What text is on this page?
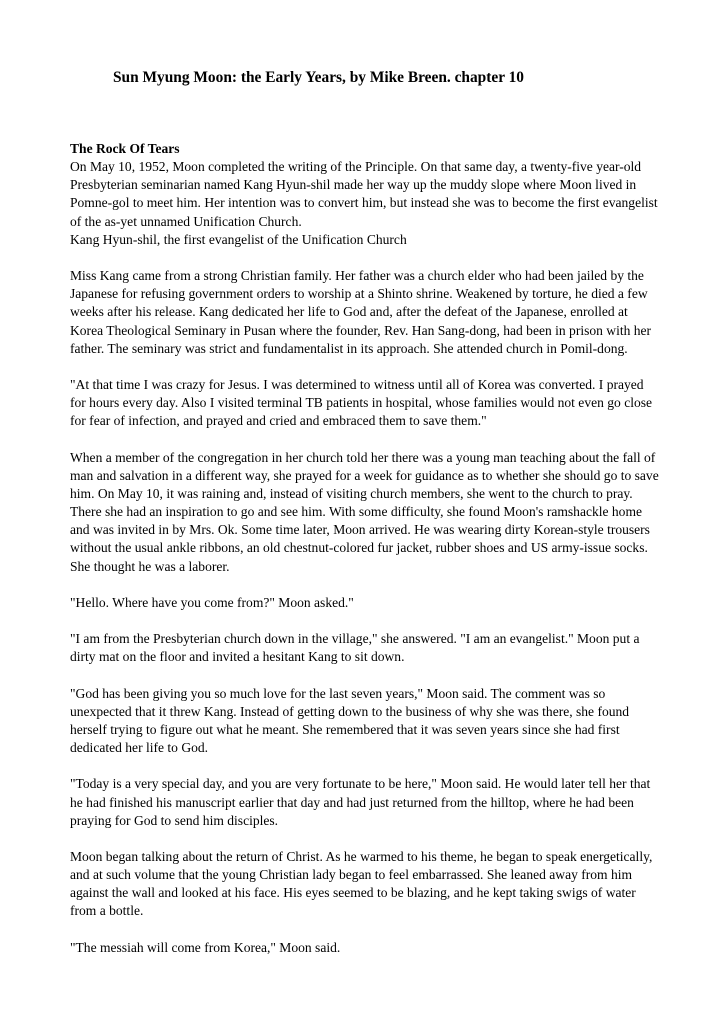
Sun Myung Moon: the Early Years, by Mike Breen. chapter 10
The Rock Of Tears

On May 10, 1952, Moon completed the writing of the Principle. On that same day, a twenty-five year-old Presbyterian seminarian named Kang Hyun-shil made her way up the muddy slope where Moon lived in Pomne-gol to meet him. Her intention was to convert him, but instead she was to become the first evangelist of the as-yet unnamed Unification Church.

Kang Hyun-shil, the first evangelist of the Unification Church

Miss Kang came from a strong Christian family. Her father was a church elder who had been jailed by the Japanese for refusing government orders to worship at a Shinto shrine. Weakened by torture, he died a few weeks after his release. Kang dedicated her life to God and, after the defeat of the Japanese, enrolled at Korea Theological Seminary in Pusan where the founder, Rev. Han Sang-dong, had been in prison with her father. The seminary was strict and fundamentalist in its approach. She attended church in Pomil-dong.

"At that time I was crazy for Jesus. I was determined to witness until all of Korea was converted. I prayed for hours every day. Also I visited terminal TB patients in hospital, whose families would not even go close for fear of infection, and prayed and cried and embraced them to save them."

When a member of the congregation in her church told her there was a young man teaching about the fall of man and salvation in a different way, she prayed for a week for guidance as to whether she should go to save him. On May 10, it was raining and, instead of visiting church members, she went to the church to pray. There she had an inspiration to go and see him. With some difficulty, she found Moon's ramshackle home and was invited in by Mrs. Ok. Some time later, Moon arrived. He was wearing dirty Korean-style trousers without the usual ankle ribbons, an old chestnut-colored fur jacket, rubber shoes and US army-issue socks. She thought he was a laborer.

"Hello. Where have you come from?" Moon asked."

"I am from the Presbyterian church down in the village," she answered. "I am an evangelist." Moon put a dirty mat on the floor and invited a hesitant Kang to sit down.

"God has been giving you so much love for the last seven years," Moon said. The comment was so unexpected that it threw Kang. Instead of getting down to the business of why she was there, she found herself trying to figure out what he meant. She remembered that it was seven years since she had first dedicated her life to God.

"Today is a very special day, and you are very fortunate to be here," Moon said. He would later tell her that he had finished his manuscript earlier that day and had just returned from the hilltop, where he had been praying for God to send him disciples.

Moon began talking about the return of Christ. As he warmed to his theme, he began to speak energetically, and at such volume that the young Christian lady began to feel embarrassed. She leaned away from him against the wall and looked at his face. His eyes seemed to be blazing, and he kept taking swigs of water from a bottle.

"The messiah will come from Korea," Moon said.
